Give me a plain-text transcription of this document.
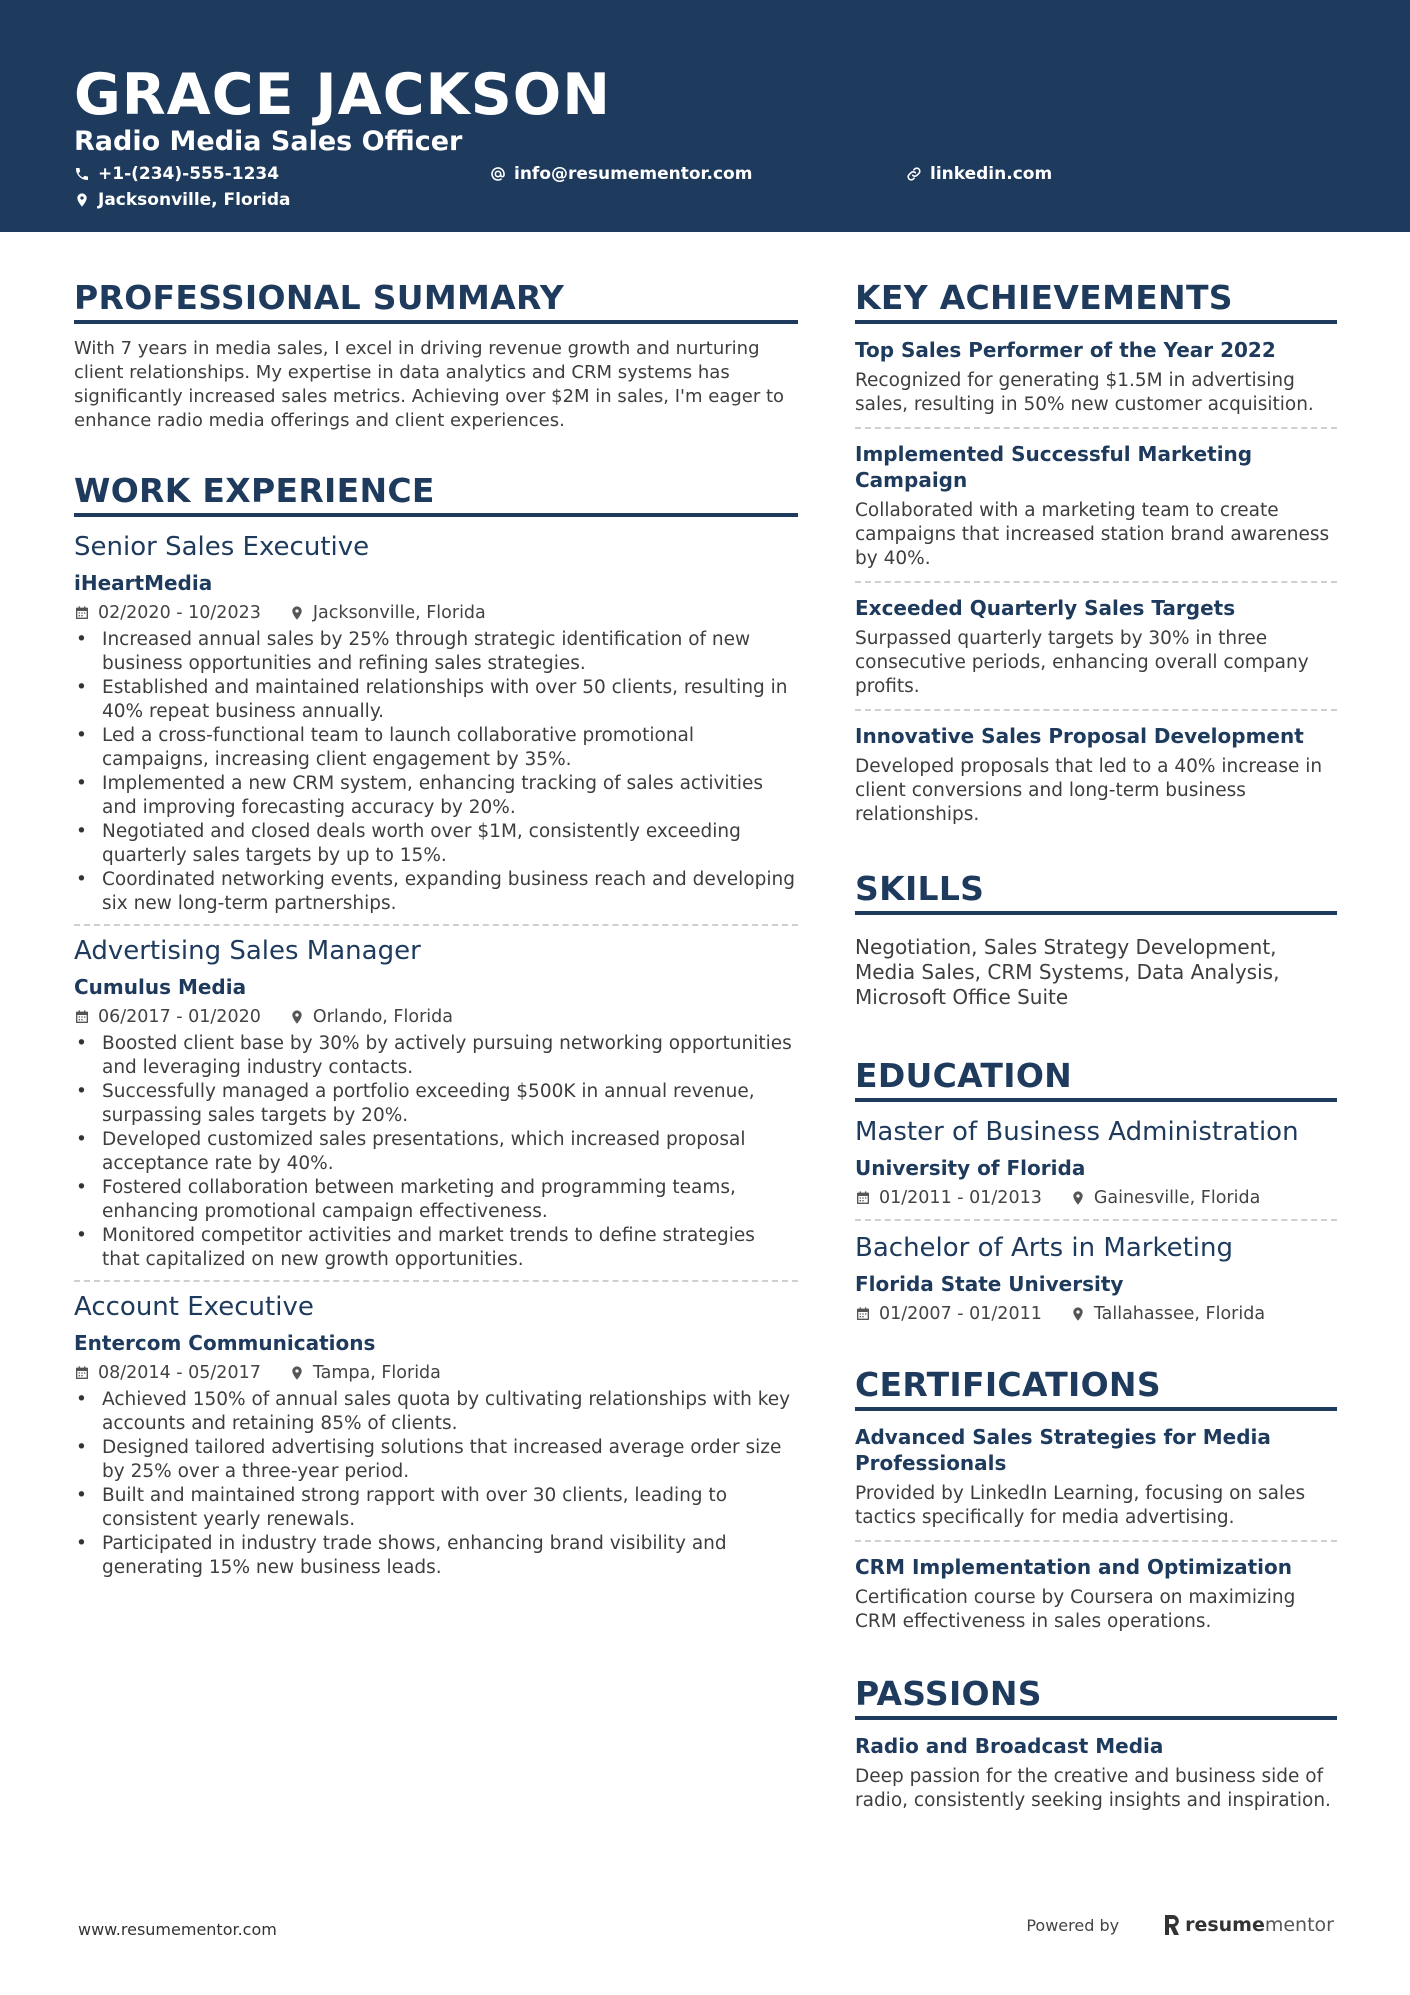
GRACE JACKSON
Radio Media Sales Officer
+1-(234)-555-1234	info@resumementor.com	linkedin.com
Jacksonville, Florida
PROFESSIONAL SUMMARY
With 7 years in media sales, I excel in driving revenue growth and nurturing client relationships. My expertise in data analytics and CRM systems has significantly increased sales metrics. Achieving over $2M in sales, I'm eager to enhance radio media offerings and client experiences.
WORK EXPERIENCE
Senior Sales Executive
iHeartMedia
02/2020 - 10/2023	Jacksonville, Florida
• Increased annual sales by 25% through strategic identification of new business opportunities and refining sales strategies.
• Established and maintained relationships with over 50 clients, resulting in 40% repeat business annually.
• Led a cross-functional team to launch collaborative promotional campaigns, increasing client engagement by 35%.
• Implemented a new CRM system, enhancing tracking of sales activities and improving forecasting accuracy by 20%.
• Negotiated and closed deals worth over $1M, consistently exceeding quarterly sales targets by up to 15%.
• Coordinated networking events, expanding business reach and developing six new long-term partnerships.
Advertising Sales Manager
Cumulus Media
06/2017 - 01/2020	Orlando, Florida
• Boosted client base by 30% by actively pursuing networking opportunities and leveraging industry contacts.
• Successfully managed a portfolio exceeding $500K in annual revenue, surpassing sales targets by 20%.
• Developed customized sales presentations, which increased proposal acceptance rate by 40%.
• Fostered collaboration between marketing and programming teams, enhancing promotional campaign effectiveness.
• Monitored competitor activities and market trends to define strategies that capitalized on new growth opportunities.
Account Executive
Entercom Communications
08/2014 - 05/2017	Tampa, Florida
• Achieved 150% of annual sales quota by cultivating relationships with key accounts and retaining 85% of clients.
• Designed tailored advertising solutions that increased average order size by 25% over a three-year period.
• Built and maintained strong rapport with over 30 clients, leading to consistent yearly renewals.
• Participated in industry trade shows, enhancing brand visibility and generating 15% new business leads.
KEY ACHIEVEMENTS
Top Sales Performer of the Year 2022
Recognized for generating $1.5M in advertising sales, resulting in 50% new customer acquisition.
Implemented Successful Marketing Campaign
Collaborated with a marketing team to create campaigns that increased station brand awareness by 40%.
Exceeded Quarterly Sales Targets
Surpassed quarterly targets by 30% in three consecutive periods, enhancing overall company profits.
Innovative Sales Proposal Development
Developed proposals that led to a 40% increase in client conversions and long-term business relationships.
SKILLS
Negotiation, Sales Strategy Development, Media Sales, CRM Systems, Data Analysis, Microsoft Office Suite
EDUCATION
Master of Business Administration
University of Florida
01/2011 - 01/2013	Gainesville, Florida
Bachelor of Arts in Marketing
Florida State University
01/2007 - 01/2011	Tallahassee, Florida
CERTIFICATIONS
Advanced Sales Strategies for Media Professionals
Provided by LinkedIn Learning, focusing on sales tactics specifically for media advertising.
CRM Implementation and Optimization
Certification course by Coursera on maximizing CRM effectiveness in sales operations.
PASSIONS
Radio and Broadcast Media
Deep passion for the creative and business side of radio, consistently seeking insights and inspiration.
www.resumementor.com	Powered by	resume mentor
